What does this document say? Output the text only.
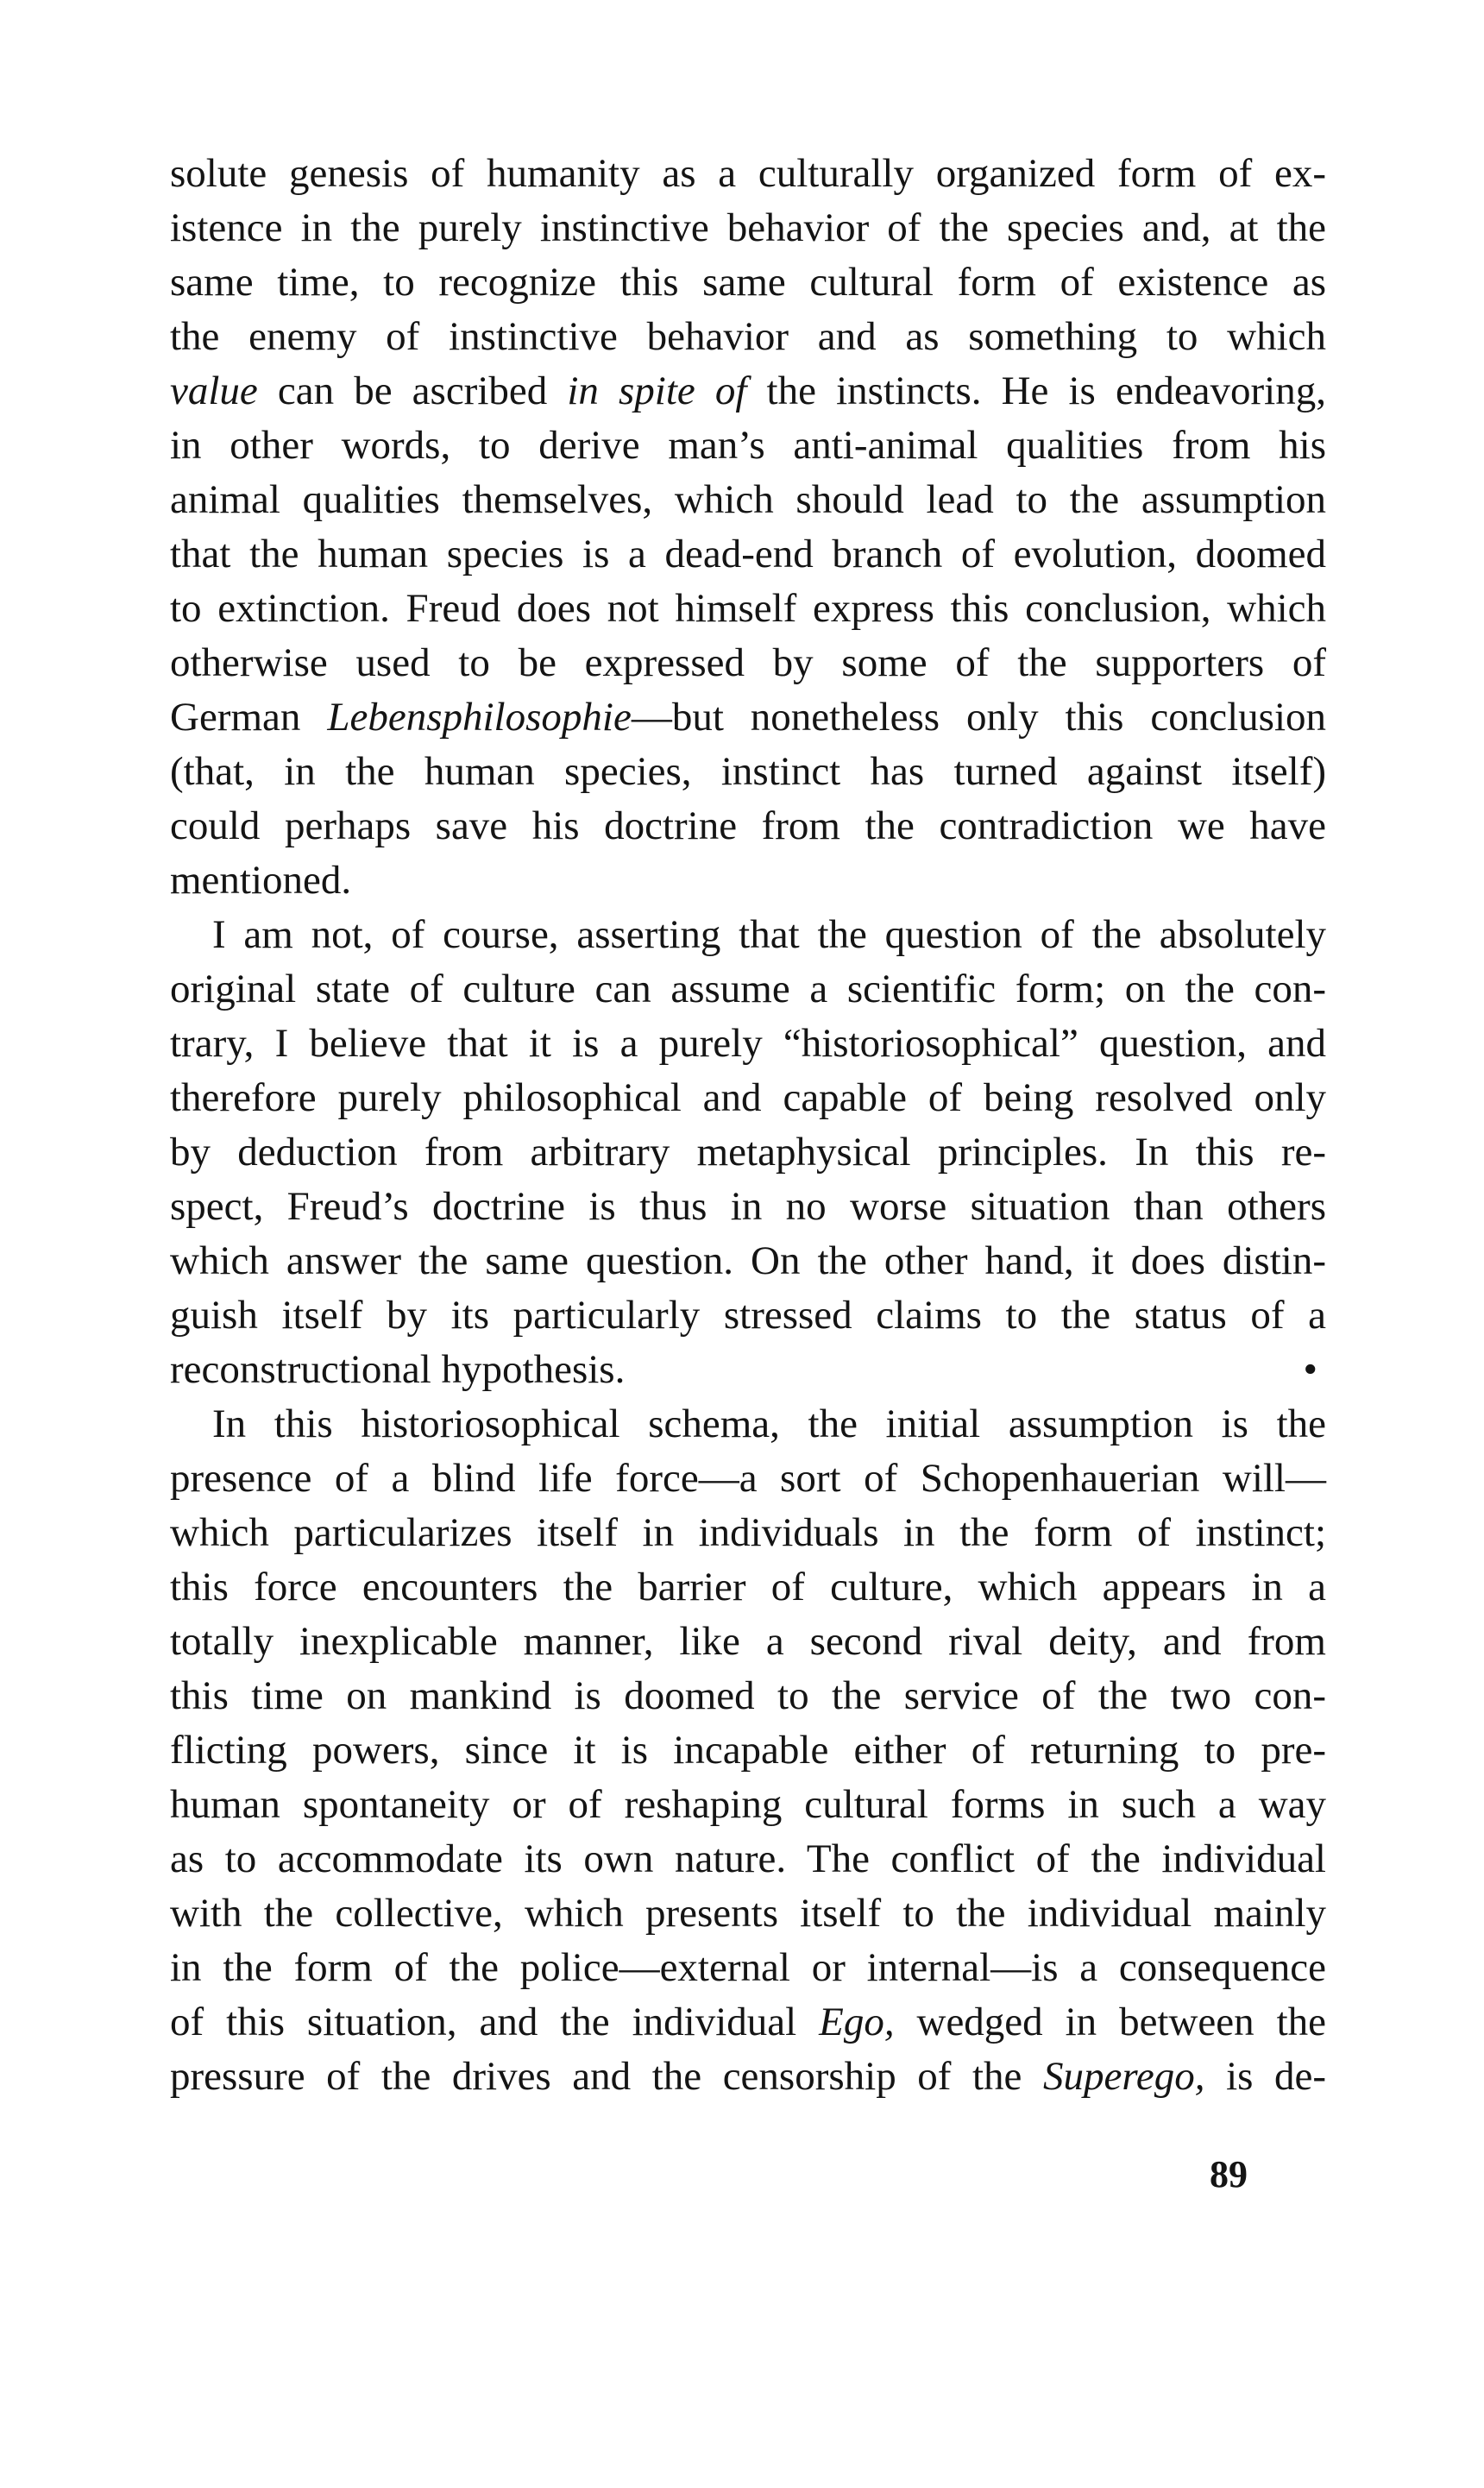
solute genesis of humanity as a culturally organized form of ex-
istence in the purely instinctive behavior of the species and, at the
same time, to recognize this same cultural form of existence as
the enemy of instinctive behavior and as something to which
value can be ascribed in spite of the instincts. He is endeavoring,
in other words, to derive man’s anti-animal qualities from his
animal qualities themselves, which should lead to the assumption
that the human species is a dead-end branch of evolution, doomed
to extinction. Freud does not himself express this conclusion, which
otherwise used to be expressed by some of the supporters of
German Lebensphilosophie—but nonetheless only this conclusion
(that, in the human species, instinct has turned against itself)
could perhaps save his doctrine from the contradiction we have
mentioned.
I am not, of course, asserting that the question of the absolutely
original state of culture can assume a scientific form; on the con-
trary, I believe that it is a purely “historiosophical” question, and
therefore purely philosophical and capable of being resolved only
by deduction from arbitrary metaphysical principles. In this re-
spect, Freud’s doctrine is thus in no worse situation than others
which answer the same question. On the other hand, it does distin-
guish itself by its particularly stressed claims to the status of a
reconstructional hypothesis.	•
In this historiosophical schema, the initial assumption is the
presence of a blind life force—a sort of Schopenhauerian will—
which particularizes itself in individuals in the form of instinct;
this force encounters the barrier of culture, which appears in a
totally inexplicable manner, like a second rival deity, and from
this time on mankind is doomed to the service of the two con-
flicting powers, since it is incapable either of returning to pre-
human spontaneity or of reshaping cultural forms in such a way
as to accommodate its own nature. The conflict of the individual
with the collective, which presents itself to the individual mainly
in the form of the police—external or internal—is a consequence
of this situation, and the individual Ego, wedged in between the
pressure of the drives and the censorship of the Superego, is de-
89
